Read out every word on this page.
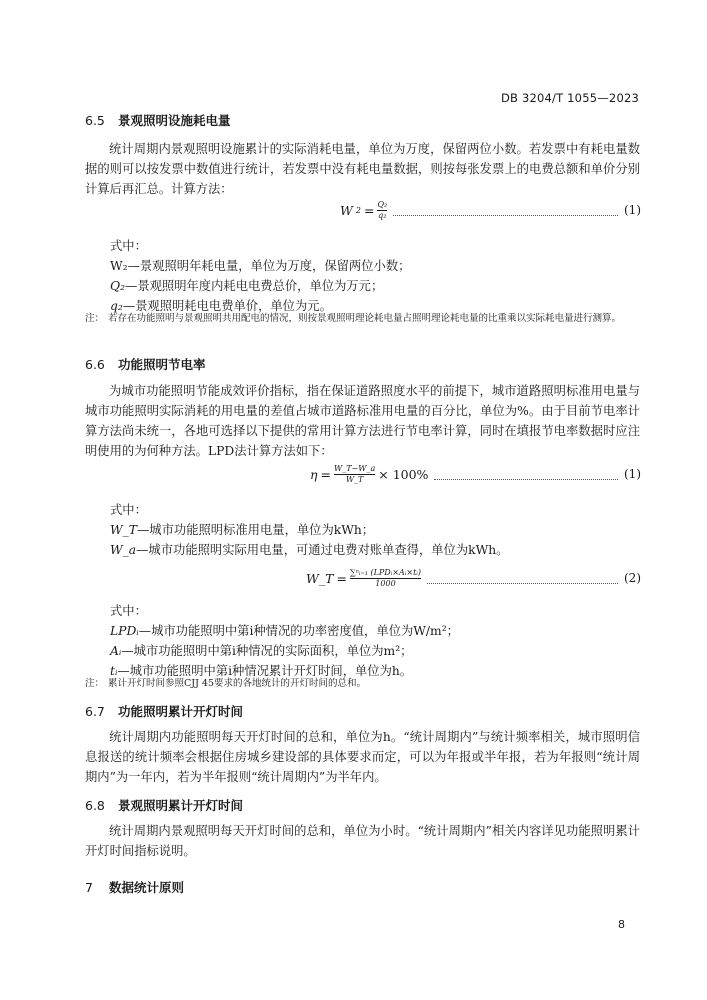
DB 3204/T 1055—2023
6.5 景观照明设施耗电量
统计周期内景观照明设施累计的实际消耗电量，单位为万度，保留两位小数。若发票中有耗电量数据的则可以按发票中数值进行统计，若发票中没有耗电量数据，则按每张发票上的电费总额和单价分别计算后再汇总。计算方法：
W $2 = \frac{\text{Q₂}}{\text{q₂}}$	(1)
式中：
W₂—景观照明年耗电量，单位为万度，保留两位小数；
Q₂—景观照明年度内耗电电费总价，单位为万元；
q₂—景观照明耗电电费单价，单位为元。
注： 若存在功能照明与景观照明共用配电的情况，则按景观照明理论耗电量占照明理论耗电量的比重乘以实际耗电量进行测算。
6.6 功能照明节电率
为城市功能照明节能成效评价指标，指在保证道路照度水平的前提下，城市道路照明标准用电量与城市功能照明实际消耗的用电量的差值占城市道路标准用电量的百分比，单位为%。由于目前节电率计算方法尚未统一，各地可选择以下提供的常用计算方法进行节电率计算，同时在填报节电率数据时应注明使用的为何种方法。LPD法计算方法如下：
$\eta = \frac{W\_T-W\_a}{W\_T} \times 100\%$	(1)
式中：
W_T—城市功能照明标准用电量，单位为kWh；
W_a—城市功能照明实际用电量，可通过电费对账单查得，单位为kWh。
W_T = $\frac{\text{∑ⁿᵢ₌₁ (LPDᵢ×Aᵢ×tᵢ)}}{1000}$	(2)
式中：
LPDᵢ—城市功能照明中第i种情况的功率密度值，单位为W/m²；
Aᵢ—城市功能照明中第i种情况的实际面积，单位为m²；
tᵢ—城市功能照明中第i种情况累计开灯时间，单位为h。
注： 累计开灯时间参照CJJ 45要求的各地统计的开灯时间的总和。
6.7 功能照明累计开灯时间
统计周期内功能照明每天开灯时间的总和，单位为h。“统计周期内”与统计频率相关，城市照明信息报送的统计频率会根据住房城乡建设部的具体要求而定，可以为年报或半年报，若为年报则“统计周期内”为一年内，若为半年报则“统计周期内”为半年内。
6.8 景观照明累计开灯时间
统计周期内景观照明每天开灯时间的总和，单位为小时。“统计周期内”相关内容详见功能照明累计开灯时间指标说明。
7 数据统计原则
8
